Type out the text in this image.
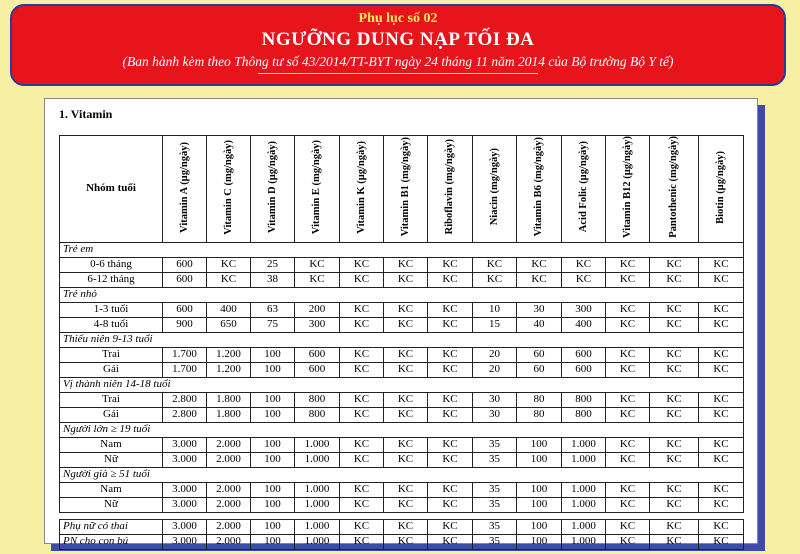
Phụ lục số 02
NGƯỠNG DUNG NẠP TỐI ĐA
(Ban hành kèm theo Thông tư số 43/2014/TT-BYT ngày 24 tháng 11 năm 2014 của Bộ trưởng Bộ Y tế)
1. Vitamin
Nhóm tuổi	Vitamin A (µg/ngày)	Vitamin C (mg/ngày)	Vitamin D (µg/ngày)	Vitamin E (mg/ngày)	Vitamin K (µg/ngày)	Vitamin B1 (mg/ngày)	Riboflavin (mg/ngày)	Niacin (mg/ngày)	Vitamin B6 (mg/ngày)	Acid Folic (µg/ngày)	Vitamin B12 (µg/ngày)	Pantothenic (mg/ngày)	Biotin (µg/ngày)
Trẻ em													
0-6 tháng	600	KC	25	KC	KC	KC	KC	KC	KC	KC	KC	KC	KC
6-12 tháng	600	KC	38	KC	KC	KC	KC	KC	KC	KC	KC	KC	KC
Trẻ nhỏ													
1-3 tuổi	600	400	63	200	KC	KC	KC	10	30	300	KC	KC	KC
4-8 tuổi	900	650	75	300	KC	KC	KC	15	40	400	KC	KC	KC
Thiếu niên 9-13 tuổi													
Trai	1.700	1.200	100	600	KC	KC	KC	20	60	600	KC	KC	KC
Gái	1.700	1.200	100	600	KC	KC	KC	20	60	600	KC	KC	KC
Vị thành niên 14-18 tuổi													
Trai	2.800	1.800	100	800	KC	KC	KC	30	80	800	KC	KC	KC
Gái	2.800	1.800	100	800	KC	KC	KC	30	80	800	KC	KC	KC
Người lớn ≥ 19 tuổi													
Nam	3.000	2.000	100	1.000	KC	KC	KC	35	100	1.000	KC	KC	KC
Nữ	3.000	2.000	100	1.000	KC	KC	KC	35	100	1.000	KC	KC	KC
Người già ≥ 51 tuổi													
Nam	3.000	2.000	100	1.000	KC	KC	KC	35	100	1.000	KC	KC	KC
Nữ	3.000	2.000	100	1.000	KC	KC	KC	35	100	1.000	KC	KC	KC

Phụ nữ có thai	3.000	2.000	100	1.000	KC	KC	KC	35	100	1.000	KC	KC	KC
PN cho con bú	3.000	2.000	100	1.000	KC	KC	KC	35	100	1.000	KC	KC	KC
